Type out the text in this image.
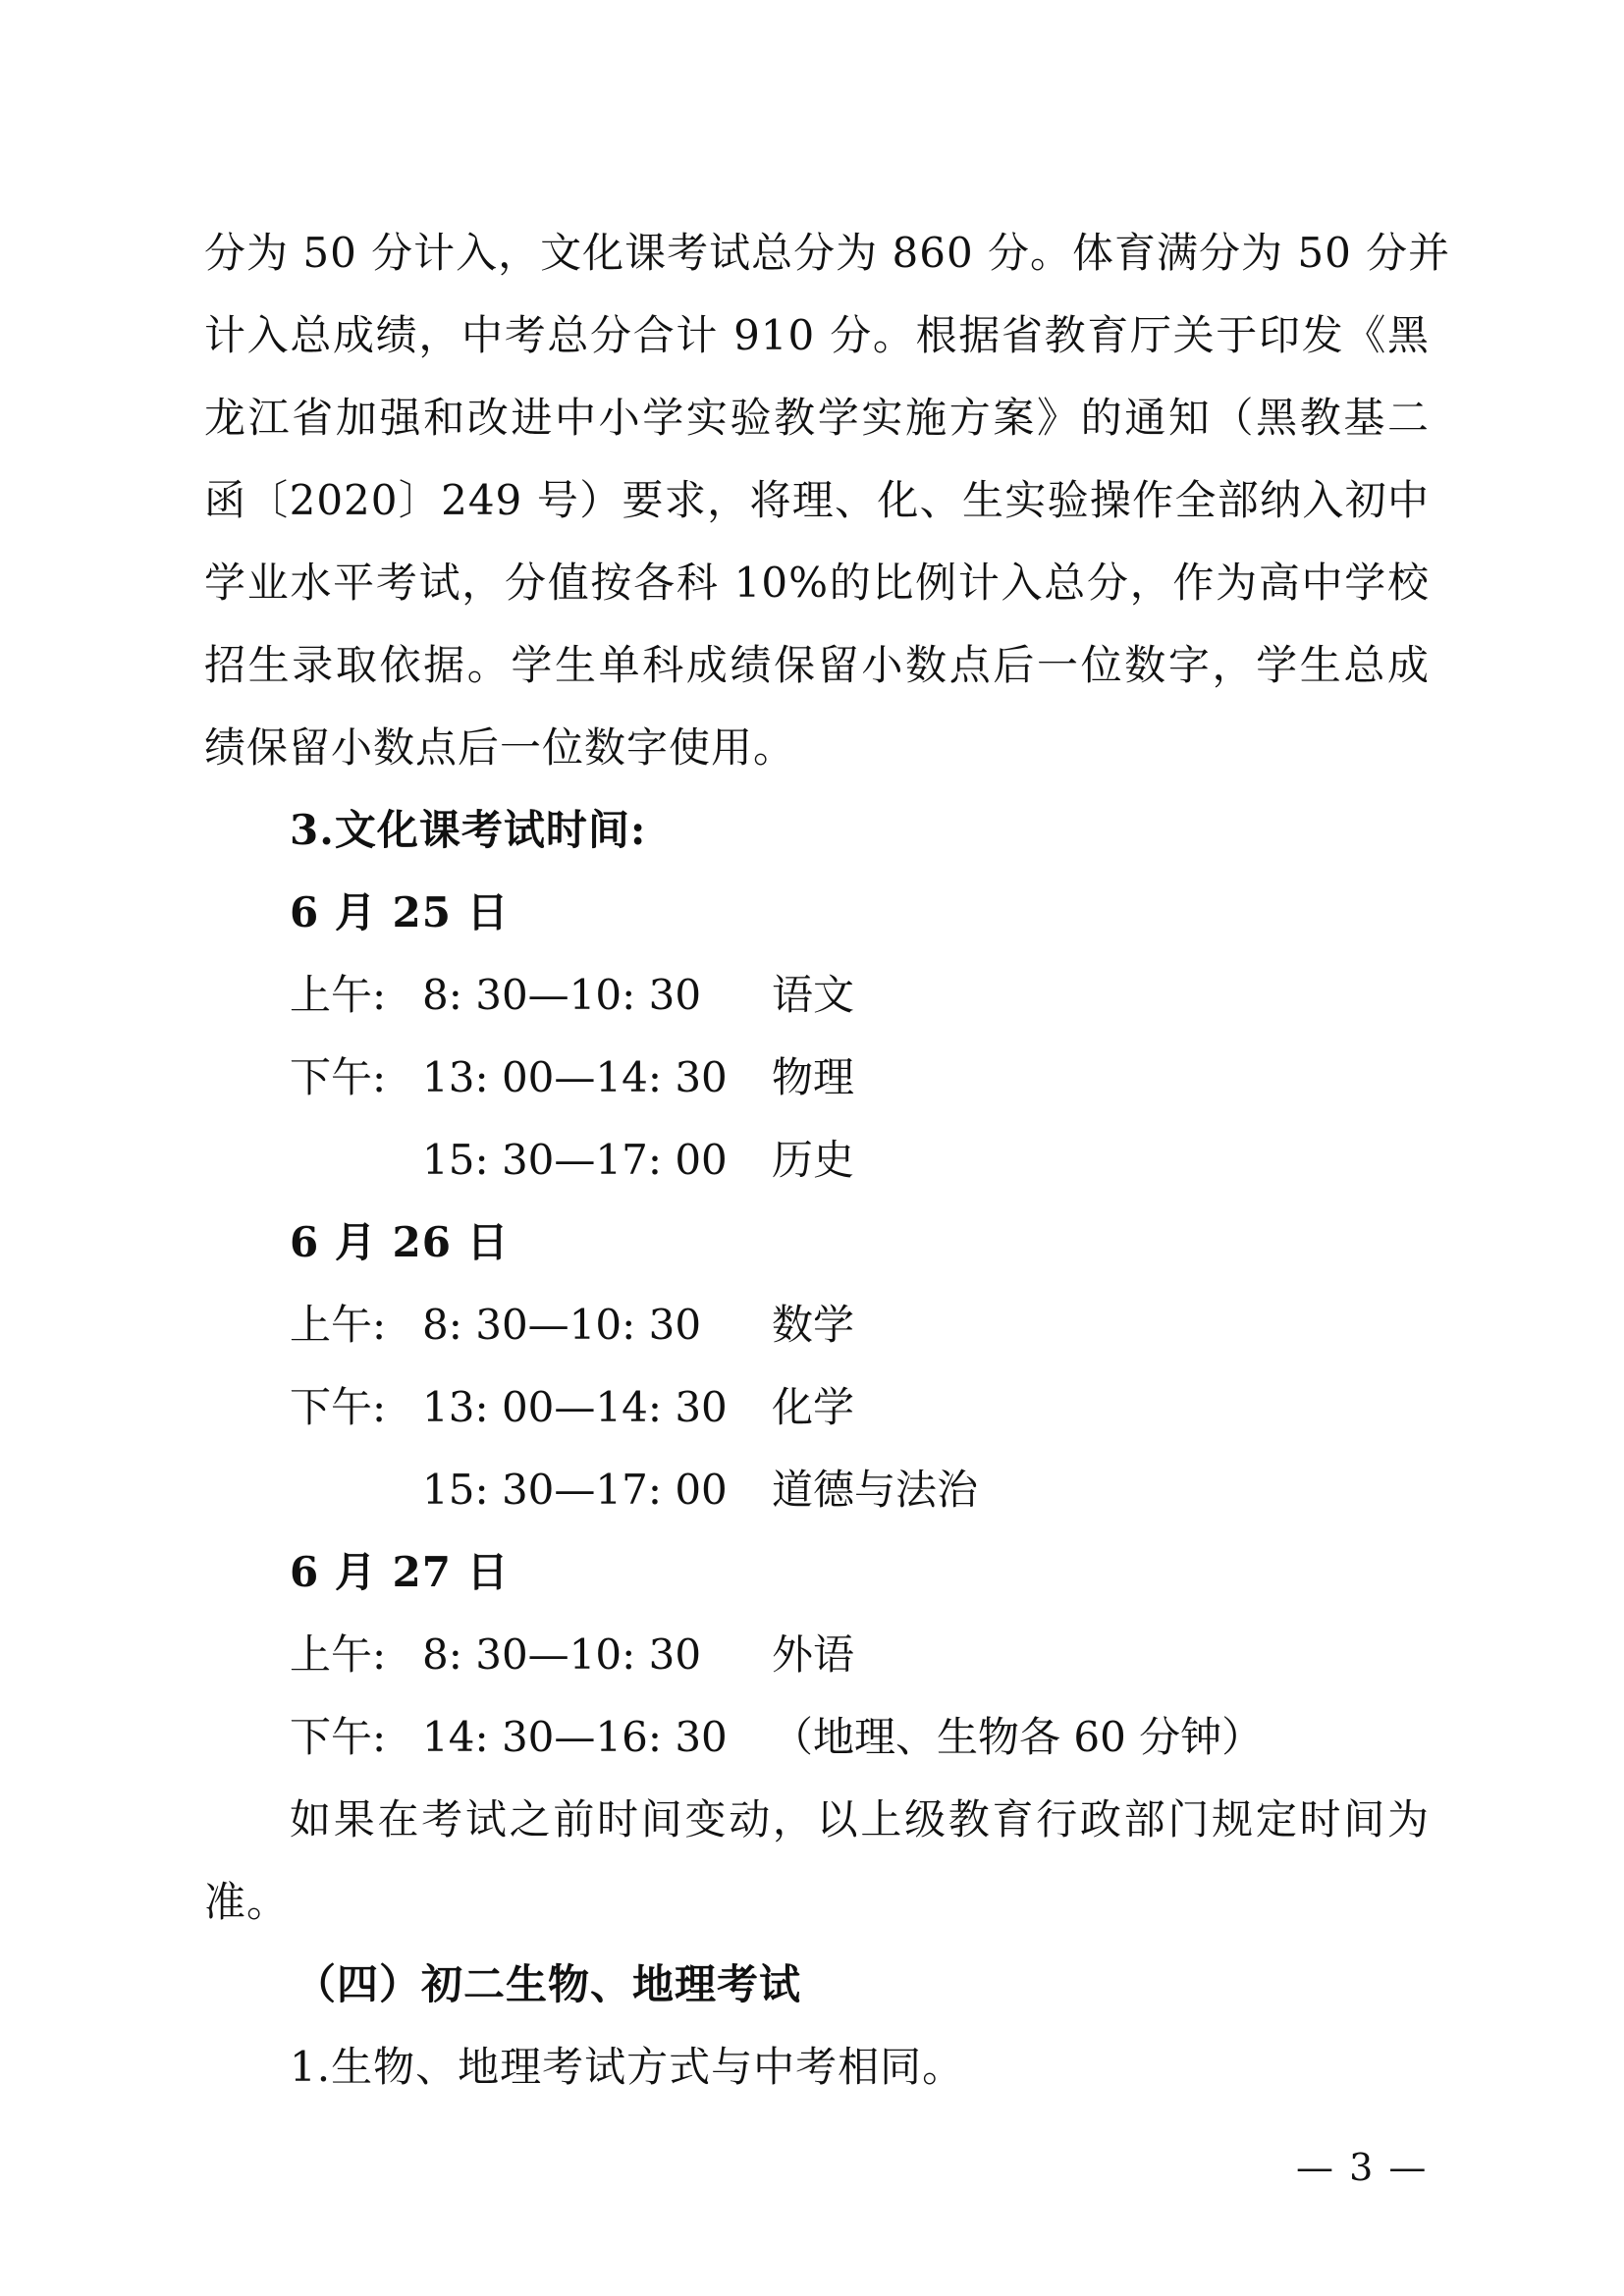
分为 50 分计入，文化课考试总分为 860 分。体育满分为 50 分并
计入总成绩，中考总分合计 910 分。根据省教育厅关于印发《黑
龙江省加强和改进中小学实验教学实施方案》的通知（黑教基二
函〔2020〕249 号）要求，将理、化、生实验操作全部纳入初中
学业水平考试，分值按各科 10%的比例计入总分，作为高中学校
招生录取依据。学生单科成绩保留小数点后一位数字，学生总成
绩保留小数点后一位数字使用。
3.文化课考试时间:
6 月 25 日
上午: 8: 30—10: 30 语文
下午: 13: 00—14: 30 物理
15: 30—17: 00 历史
6 月 26 日
上午: 8: 30—10: 30 数学
下午: 13: 00—14: 30 化学
15: 30—17: 00 道德与法治
6 月 27 日
上午: 8: 30—10: 30 外语
下午: 14: 30—16: 30 （地理、生物各 60 分钟）
如果在考试之前时间变动，以上级教育行政部门规定时间为
准。
（四）初二生物、地理考试
1.生物、地理考试方式与中考相同。
— 3 —
